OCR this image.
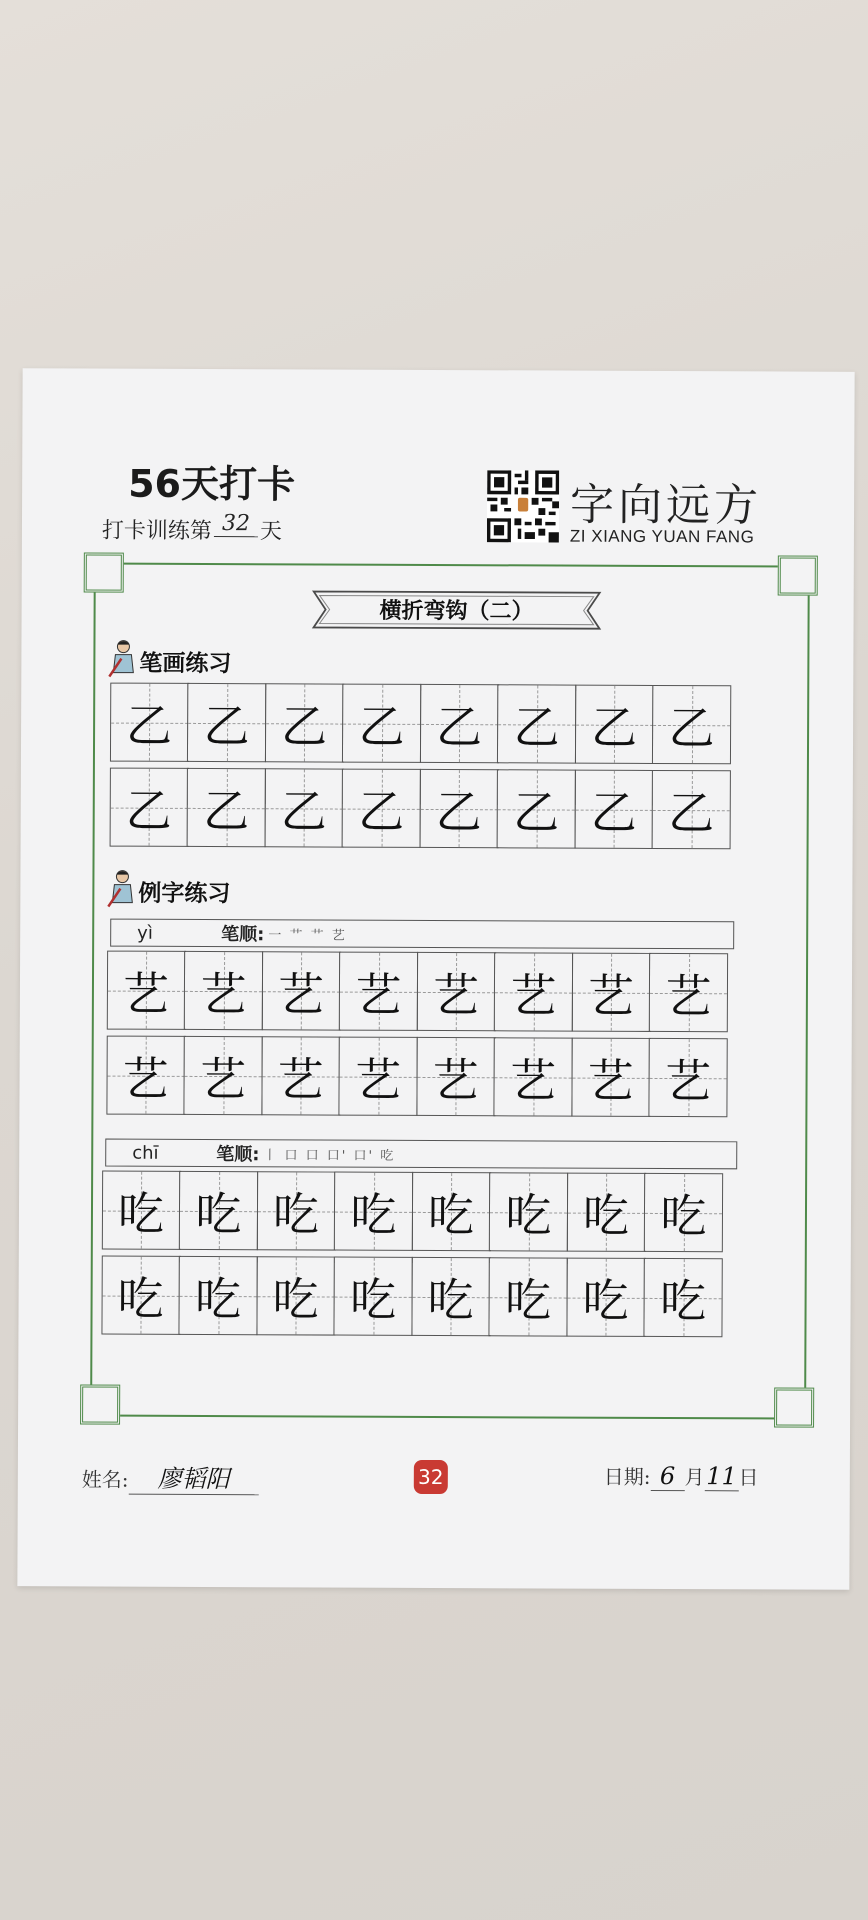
56天打卡
打卡训练第 32 天
字向远方
ZI XIANG YUAN FANG
横折弯钩（二）
笔画练习
乙 乙 乙 乙 乙 乙 乙 乙
乙 乙 乙 乙 乙 乙 乙 乙
例字练习
yì	笔顺: 一 艹 艹 艺
艺 艺 艺 艺 艺 艺 艺 艺
艺 艺 艺 艺 艺 艺 艺 艺
chī	笔顺: 丨 口 口 口' 口' 吃
吃 吃 吃 吃 吃 吃 吃 吃
吃 吃 吃 吃 吃 吃 吃 吃
姓名: 廖韬阳	32	日期: 6 月11日
